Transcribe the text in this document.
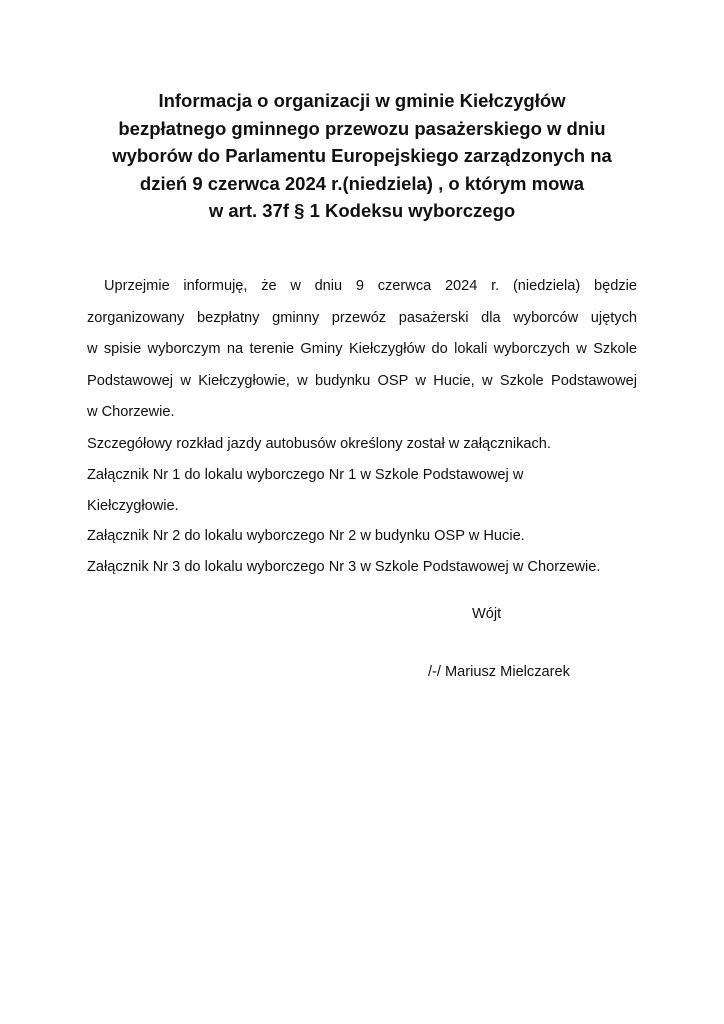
Informacja o organizacji w gminie Kiełczygłów
bezpłatnego gminnego przewozu pasażerskiego w dniu
wyborów do Parlamentu Europejskiego zarządzonych na
dzień 9 czerwca 2024 r.(niedziela) , o którym mowa
w art. 37f § 1 Kodeksu wyborczego
Uprzejmie informuję, że w dniu 9 czerwca 2024 r. (niedziela) będzie
zorganizowany bezpłatny gminny przewóz pasażerski dla wyborców ujętych
w spisie wyborczym na terenie Gminy Kiełczygłów do lokali wyborczych w Szkole
Podstawowej w Kiełczygłowie, w budynku OSP w Hucie, w Szkole Podstawowej
w Chorzewie.
Szczegółowy rozkład jazdy autobusów określony został w załącznikach.
Załącznik Nr 1 do lokalu wyborczego Nr 1 w Szkole Podstawowej w
Kiełczygłowie.
Załącznik Nr 2 do lokalu wyborczego Nr 2 w budynku OSP w Hucie.
Załącznik Nr 3 do lokalu wyborczego Nr 3 w Szkole Podstawowej w Chorzewie.
Wójt
/-/ Mariusz Mielczarek
